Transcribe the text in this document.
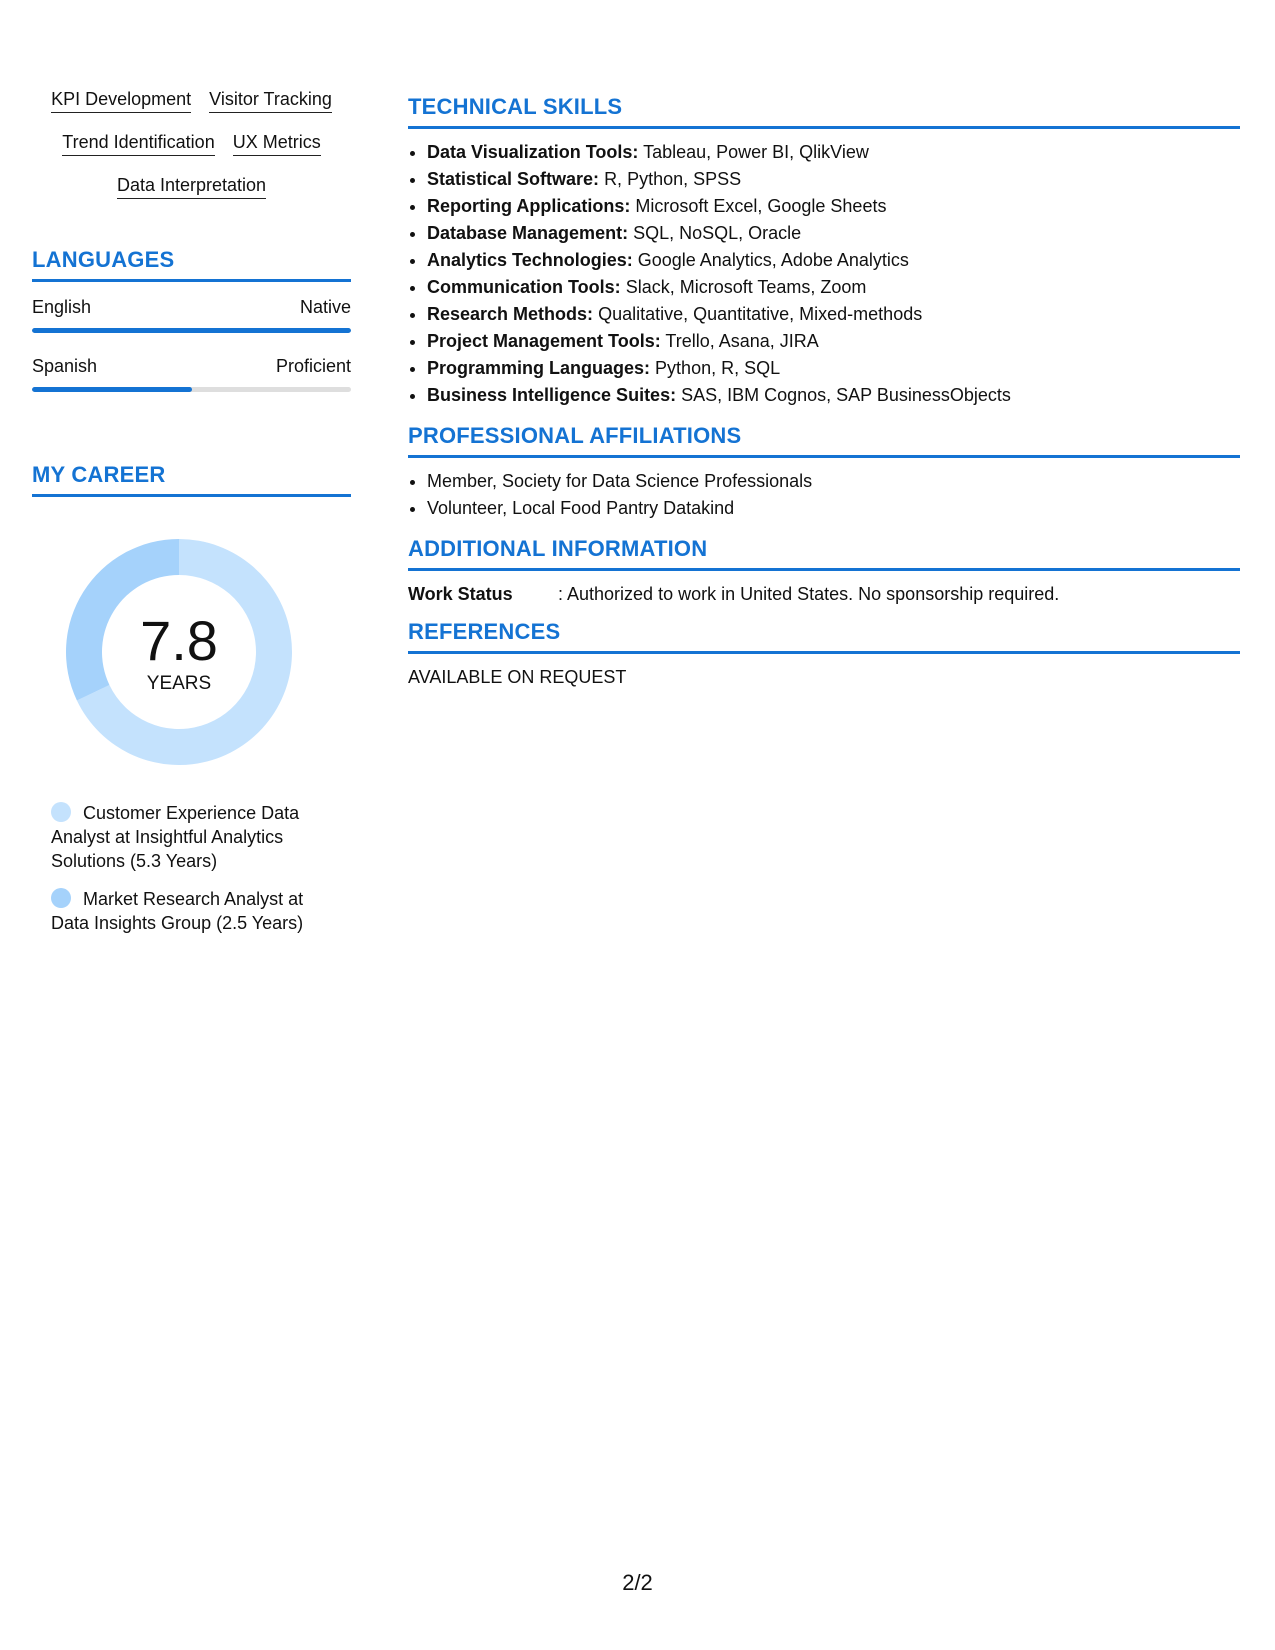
KPI Development Visitor Tracking
Trend Identification UX Metrics
Data Interpretation
LANGUAGES
English	Native
Spanish	Proficient
MY CAREER
7.8
YEARS
Customer Experience Data Analyst at Insightful Analytics Solutions (5.3 Years)
Market Research Analyst at Data Insights Group (2.5 Years)
TECHNICAL SKILLS
• Data Visualization Tools: Tableau, Power BI, QlikView
• Statistical Software: R, Python, SPSS
• Reporting Applications: Microsoft Excel, Google Sheets
• Database Management: SQL, NoSQL, Oracle
• Analytics Technologies: Google Analytics, Adobe Analytics
• Communication Tools: Slack, Microsoft Teams, Zoom
• Research Methods: Qualitative, Quantitative, Mixed-methods
• Project Management Tools: Trello, Asana, JIRA
• Programming Languages: Python, R, SQL
• Business Intelligence Suites: SAS, IBM Cognos, SAP BusinessObjects
PROFESSIONAL AFFILIATIONS
• Member, Society for Data Science Professionals
• Volunteer, Local Food Pantry Datakind
ADDITIONAL INFORMATION
Work Status	: Authorized to work in United States. No sponsorship required.
REFERENCES
AVAILABLE ON REQUEST
2/2
